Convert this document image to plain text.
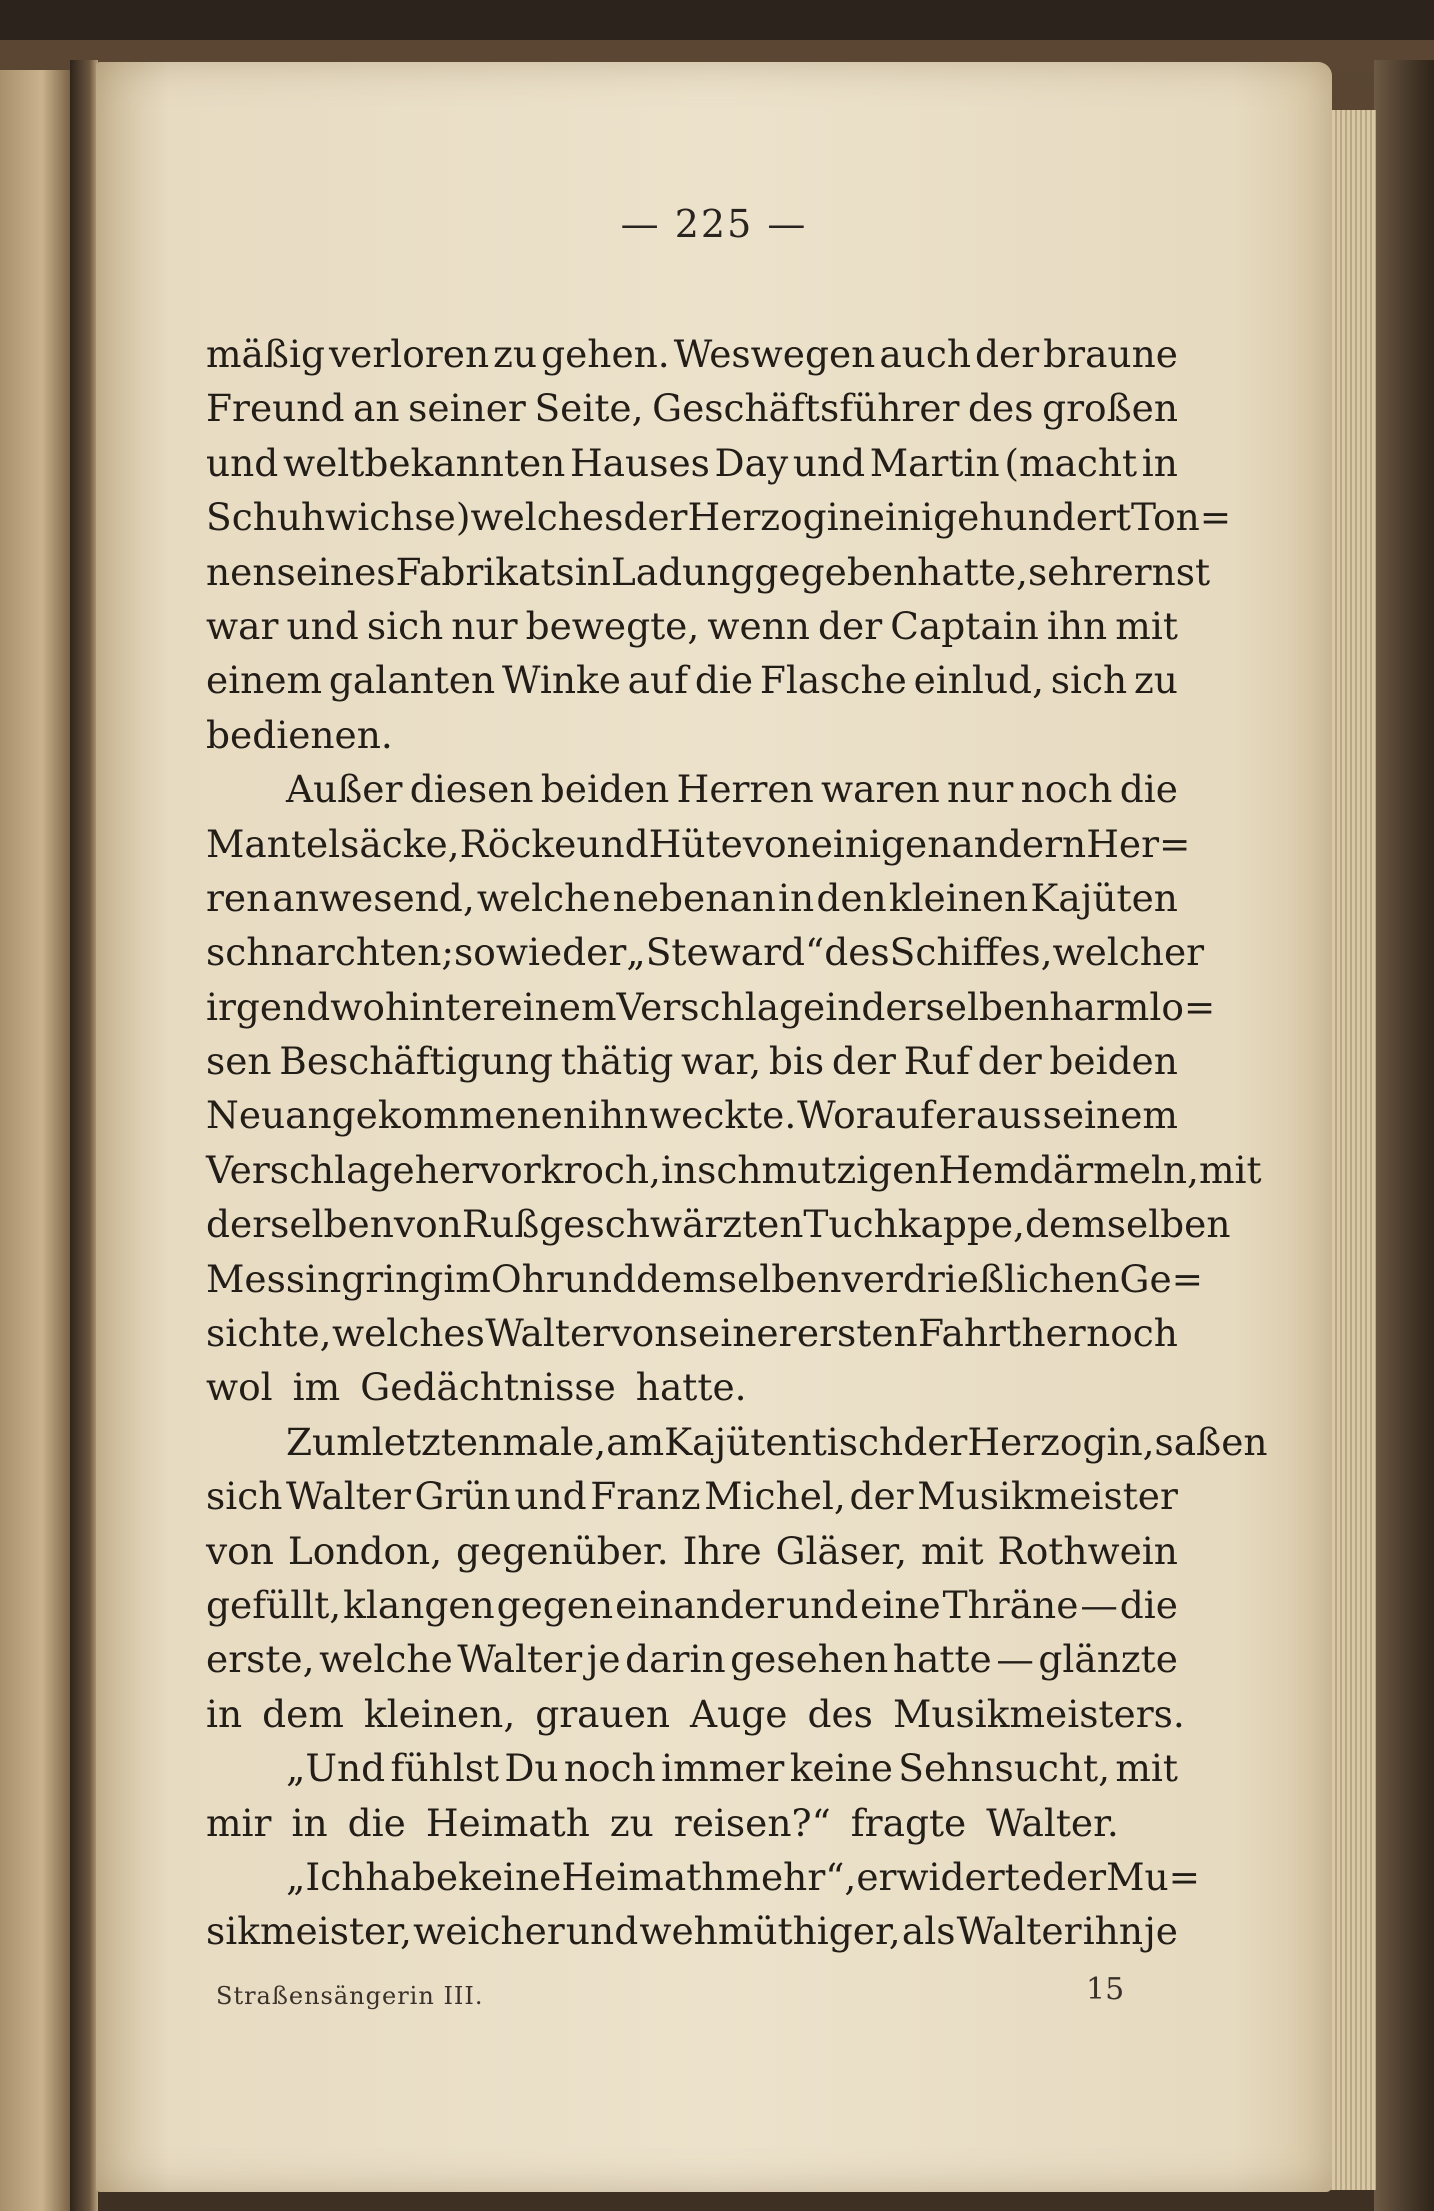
— 225 —
mäßig verloren zu gehen. Weswegen auch der braune
Freund an seiner Seite, Geschäftsführer des großen
und weltbekannten Hauses Day und Martin (macht in
Schuhwichse) welches der Herzogin einige hundert Ton=
nen seines Fabrikats in Ladung gegeben hatte, sehr ernst
war und sich nur bewegte, wenn der Captain ihn mit
einem galanten Winke auf die Flasche einlud, sich zu
bedienen.
Außer diesen beiden Herren waren nur noch die
Mantelsäcke, Röcke und Hüte von einigen andern Her=
ren anwesend, welche nebenan in den kleinen Kajüten
schnarchten; sowie der „Steward“ des Schiffes, welcher
irgendwo hinter einem Verschlage in derselben harmlo=
sen Beschäftigung thätig war, bis der Ruf der beiden
Neuangekommenen ihn weckte. Worauf er aus seinem
Verschlage hervorkroch, in schmutzigen Hemdärmeln, mit
derselben von Ruß geschwärzten Tuchkappe, demselben
Messingring im Ohr und demselben verdrießlichen Ge=
sichte, welches Walter von seiner ersten Fahrt her noch
wol im Gedächtnisse hatte.
Zum letztenmale, am Kajütentisch der Herzogin, saßen
sich Walter Grün und Franz Michel, der Musikmeister
von London, gegenüber. Ihre Gläser, mit Rothwein
gefüllt, klangen gegen einander und eine Thräne — die
erste, welche Walter je darin gesehen hatte — glänzte
in dem kleinen, grauen Auge des Musikmeisters.
„Und fühlst Du noch immer keine Sehnsucht, mit
mir in die Heimath zu reisen?“ fragte Walter.
„Ich habe keine Heimath mehr“, erwiderte der Mu=
sikmeister, weicher und wehmüthiger, als Walter ihn je
Straßensängerin III.	15
